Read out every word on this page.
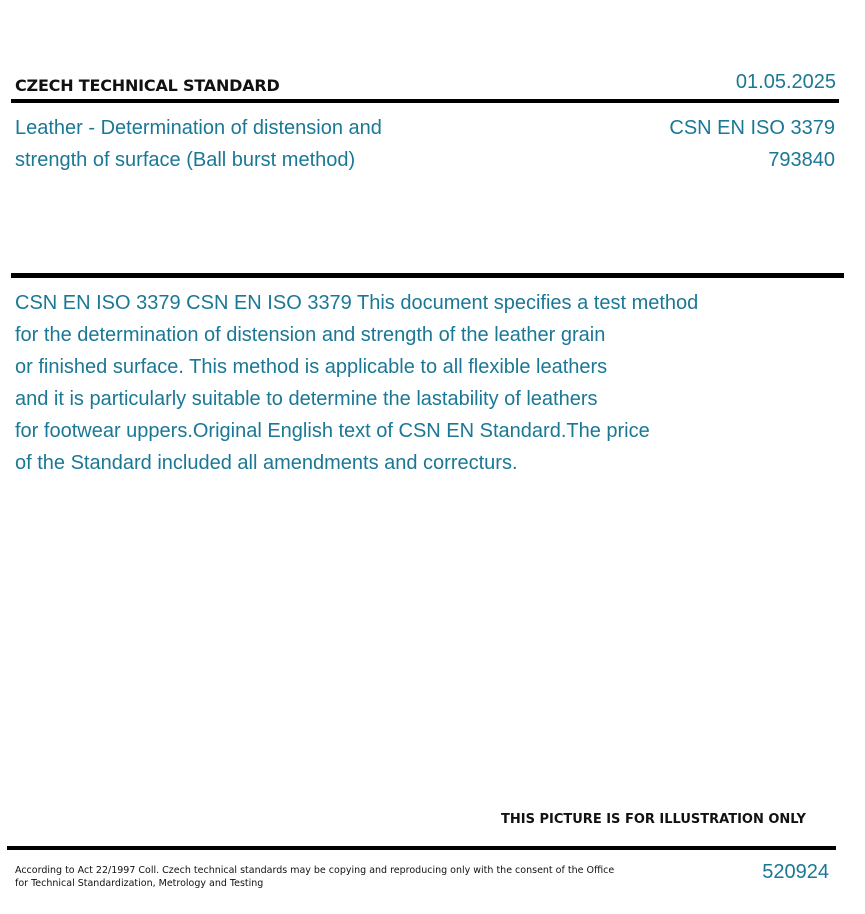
CZECH TECHNICAL STANDARD	01.05.2025
Leather - Determination of distension and
strength of surface (Ball burst method)
CSN EN ISO 3379
793840
CSN EN ISO 3379 CSN EN ISO 3379 This document specifies a test method
for the determination of distension and strength of the leather grain
or finished surface. This method is applicable to all flexible leathers
and it is particularly suitable to determine the lastability of leathers
for footwear uppers.Original English text of CSN EN Standard.The price
of the Standard included all amendments and correcturs.
THIS PICTURE IS FOR ILLUSTRATION ONLY
According to Act 22/1997 Coll. Czech technical standards may be copying and reproducing only with the consent of the Office
for Technical Standardization, Metrology and Testing
520924
